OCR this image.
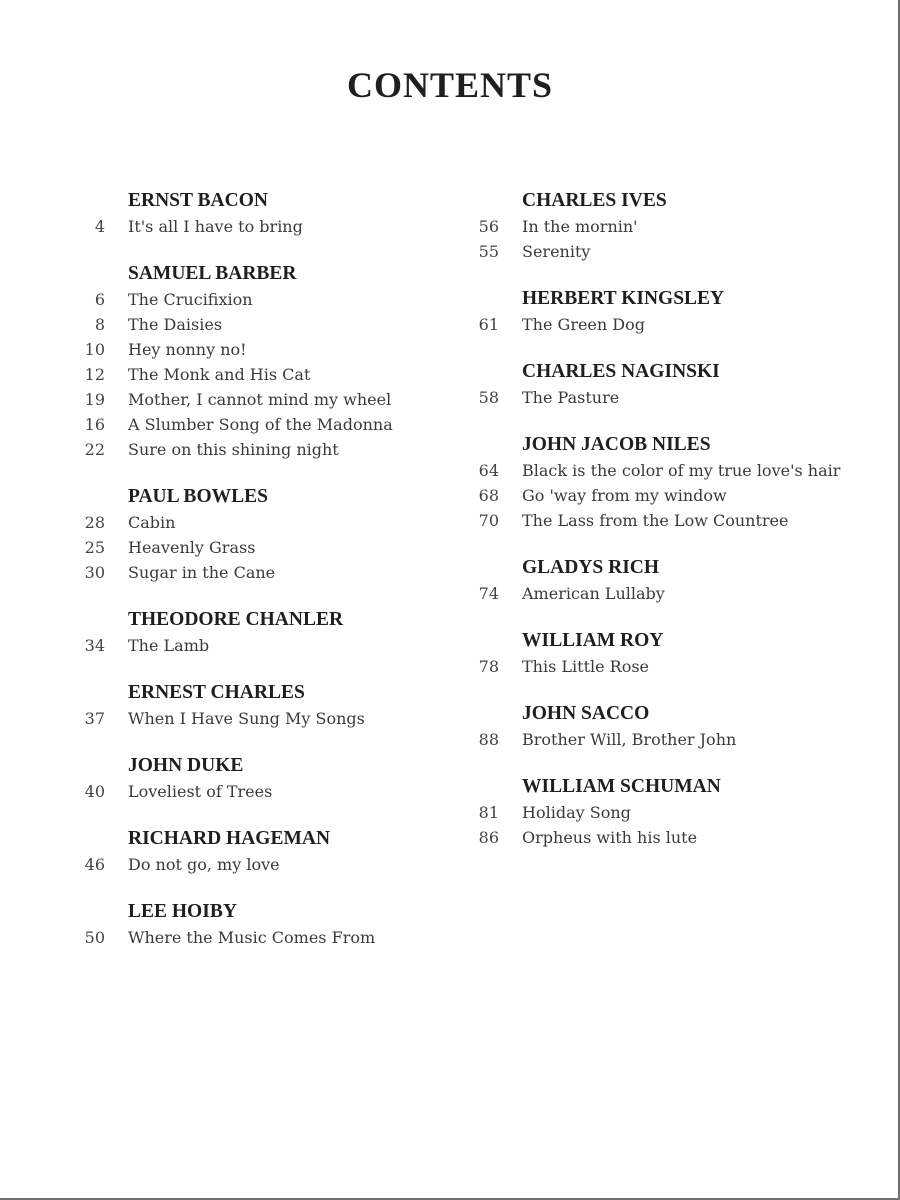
CONTENTS
ERNST BACON
4 It's all I have to bring
SAMUEL BARBER
6 The Crucifixion
8 The Daisies
10 Hey nonny no!
12 The Monk and His Cat
19 Mother, I cannot mind my wheel
16 A Slumber Song of the Madonna
22 Sure on this shining night
PAUL BOWLES
28 Cabin
25 Heavenly Grass
30 Sugar in the Cane
THEODORE CHANLER
34 The Lamb
ERNEST CHARLES
37 When I Have Sung My Songs
JOHN DUKE
40 Loveliest of Trees
RICHARD HAGEMAN
46 Do not go, my love
LEE HOIBY
50 Where the Music Comes From
CHARLES IVES
56 In the mornin'
55 Serenity
HERBERT KINGSLEY
61 The Green Dog
CHARLES NAGINSKI
58 The Pasture
JOHN JACOB NILES
64 Black is the color of my true love's hair
68 Go 'way from my window
70 The Lass from the Low Countree
GLADYS RICH
74 American Lullaby
WILLIAM ROY
78 This Little Rose
JOHN SACCO
88 Brother Will, Brother John
WILLIAM SCHUMAN
81 Holiday Song
86 Orpheus with his lute
